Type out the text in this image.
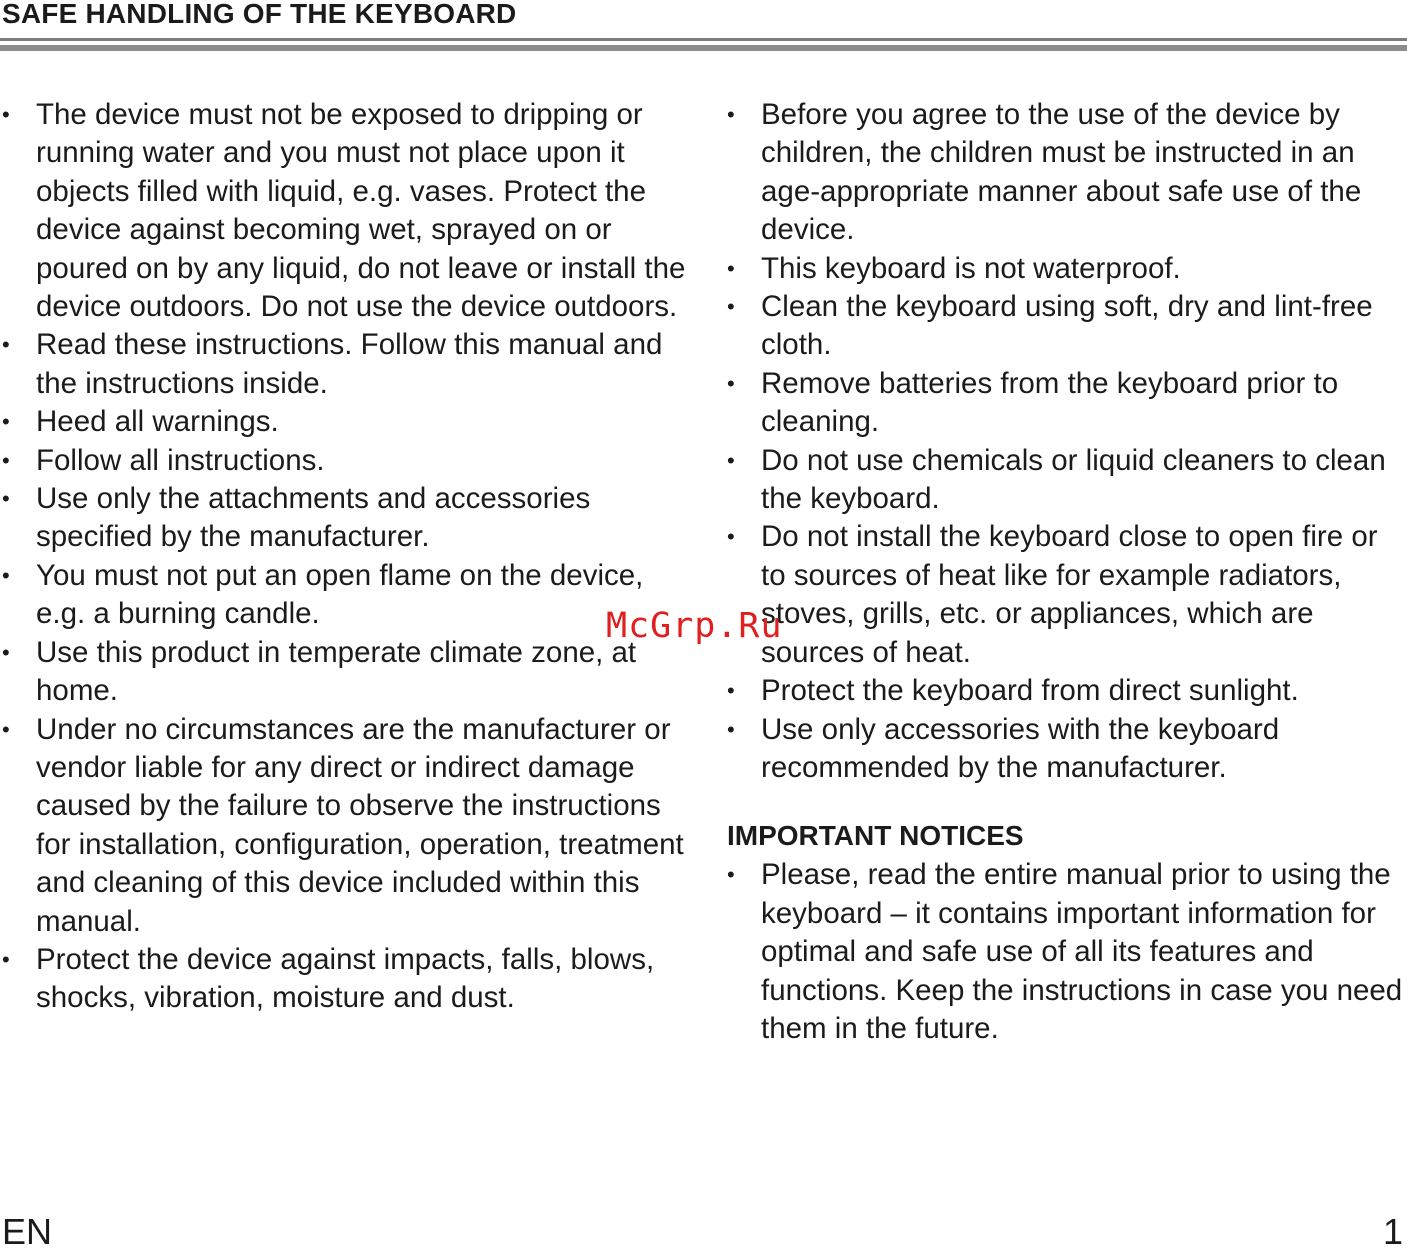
SAFE HANDLING OF THE KEYBOARD
• The device must not be exposed to dripping or running water and you must not place upon it objects filled with liquid, e.g. vases. Protect the device against becoming wet, sprayed on or poured on by any liquid, do not leave or install the device outdoors. Do not use the device outdoors.
• Read these instructions. Follow this manual and the instructions inside.
• Heed all warnings.
• Follow all instructions.
• Use only the attachments and accessories specified by the manufacturer.
• You must not put an open flame on the device, e.g. a burning candle.
• Use this product in temperate climate zone, at home.
• Under no circumstances are the manufacturer or vendor liable for any direct or indirect damage caused by the failure to observe the instructions for installation, configuration, operation, treatment and cleaning of this device included within this manual.
• Protect the device against impacts, falls, blows, shocks, vibration, moisture and dust.
• Before you agree to the use of the device by children, the children must be instructed in an age-appropriate manner about safe use of the device.
• This keyboard is not waterproof.
• Clean the keyboard using soft, dry and lint-free cloth.
• Remove batteries from the keyboard prior to cleaning.
• Do not use chemicals or liquid cleaners to clean the keyboard.
• Do not install the keyboard close to open fire or to sources of heat like for example radiators, stoves, grills, etc. or appliances, which are sources of heat.
• Protect the keyboard from direct sunlight.
• Use only accessories with the keyboard recommended by the manufacturer.
IMPORTANT NOTICES
• Please, read the entire manual prior to using the keyboard – it contains important information for optimal and safe use of all its features and functions. Keep the instructions in case you need them in the future.
McGrp.Ru
EN	1
